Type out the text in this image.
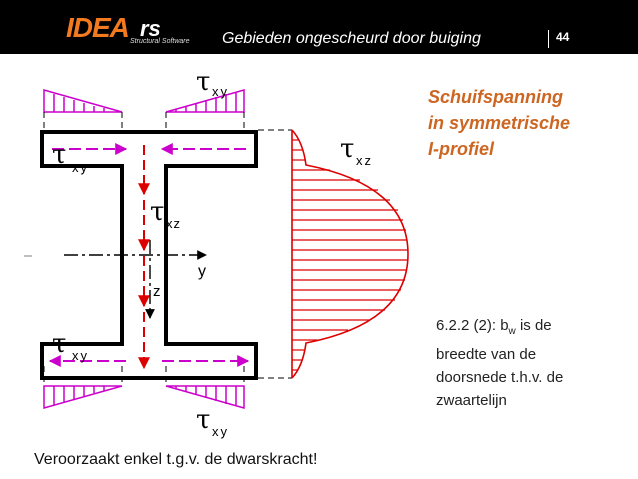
IDEA rs
Structural Software Gebieden ongescheurd door buiging	44
τ xy
τ xy
τ xz
τ xz
τ xy
τ xy
y
z
Schuifspanning
in symmetrische
I-profiel
6.2.2 (2): $b_w$ is de
breedte van de
doorsnede t.h.v. de
zwaartelijn
Veroorzaakt enkel t.g.v. de dwarskracht!
